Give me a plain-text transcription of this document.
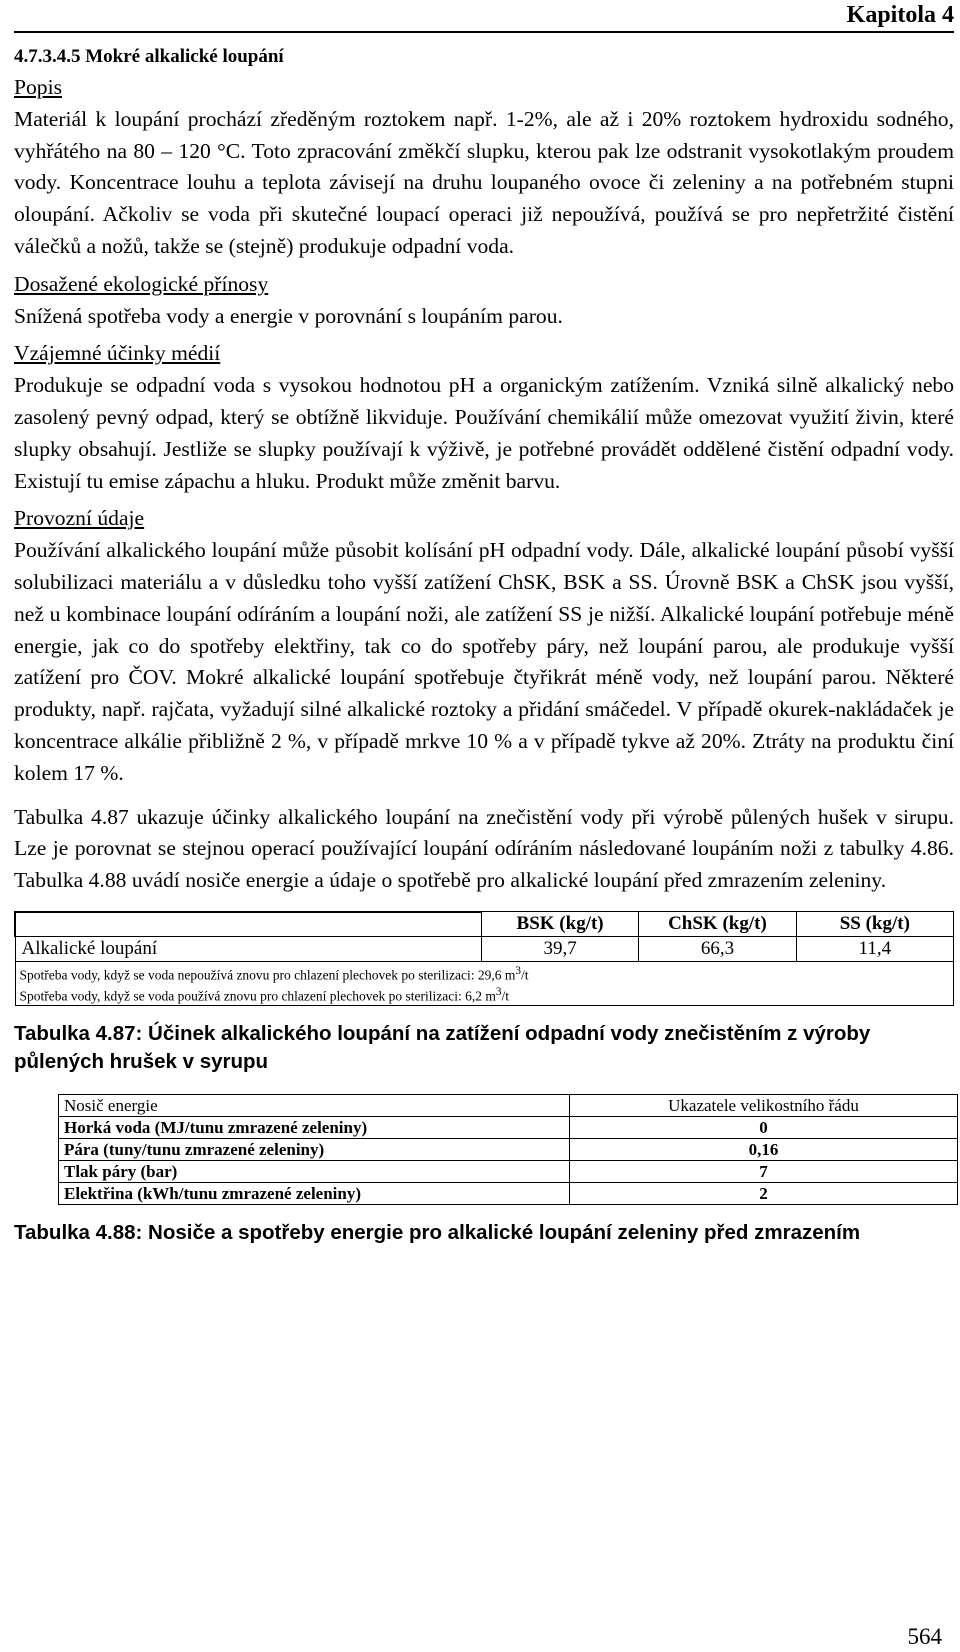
Kapitola 4
4.7.3.4.5 Mokré alkalické loupání
Popis

Materiál k loupání prochází zředěným roztokem např. 1-2%, ale až i 20% roztokem hydroxidu sodného, vyhřátého na 80 – 120 °C. Toto zpracování změkčí slupku, kterou pak lze odstranit vysokotlakým proudem vody. Koncentrace louhu a teplota závisejí na druhu loupaného ovoce či zeleniny a na potřebném stupni oloupání. Ačkoliv se voda při skutečné loupací operaci již nepoužívá, používá se pro nepřetržité čistění válečků a nožů, takže se (stejně) produkuje odpadní voda.

Dosažené ekologické přínosy

Snížená spotřeba vody a energie v porovnání s loupáním parou.

Vzájemné účinky médií

Produkuje se odpadní voda s vysokou hodnotou pH a organickým zatížením. Vzniká silně alkalický nebo zasolený pevný odpad, který se obtížně likviduje. Používání chemikálií může omezovat využití živin, které slupky obsahují. Jestliže se slupky používají k výživě, je potřebné provádět oddělené čistění odpadní vody. Existují tu emise zápachu a hluku. Produkt může změnit barvu.

Provozní údaje

Používání alkalického loupání může působit kolísání pH odpadní vody. Dále, alkalické loupání působí vyšší solubilizaci materiálu a v důsledku toho vyšší zatížení ChSK, BSK a SS. Úrovně BSK a ChSK jsou vyšší, než u kombinace loupání odíráním a loupání noži, ale zatížení SS je nižší. Alkalické loupání potřebuje méně energie, jak co do spotřeby elektřiny, tak co do spotřeby páry, než loupání parou, ale produkuje vyšší zatížení pro ČOV. Mokré alkalické loupání spotřebuje čtyřikrát méně vody, než loupání parou. Některé produkty, např. rajčata, vyžadují silné alkalické roztoky a přidání smáčedel. V případě okurek-nakládaček je koncentrace alkálie přibližně 2 %, v případě mrkve 10 % a v případě tykve až 20%. Ztráty na produktu činí kolem 17 %.

Tabulka 4.87 ukazuje účinky alkalického loupání na znečistění vody při výrobě půlených hušek v sirupu. Lze je porovnat se stejnou operací používající loupání odíráním následované loupáním noži z tabulky 4.86. Tabulka 4.88 uvádí nosiče energie a údaje o spotřebě pro alkalické loupání před zmrazením zeleniny.

	BSK (kg/t)	ChSK (kg/t)	SS (kg/t)
Alkalické loupání	39,7	66,3	11,4
Spotřeba vody, když se voda nepoužívá znovu pro chlazení plechovek po sterilizaci: 29,6 $m^3/t$
Spotřeba vody, když se voda používá znovu pro chlazení plechovek po sterilizaci: 6,2 $m^3/t$			
Tabulka 4.87: Účinek alkalického loupání na zatížení odpadní vody znečistěním z výroby půlených hrušek v syrupu
Nosič energie	Ukazatele velikostního řádu
Horká voda (MJ/tunu zmrazené zeleniny)	0
Pára (tuny/tunu zmrazené zeleniny)	0,16
Tlak páry (bar)	7
Elektřina (kWh/tunu zmrazené zeleniny)	2
Tabulka 4.88: Nosiče a spotřeby energie pro alkalické loupání zeleniny před zmrazením
564
